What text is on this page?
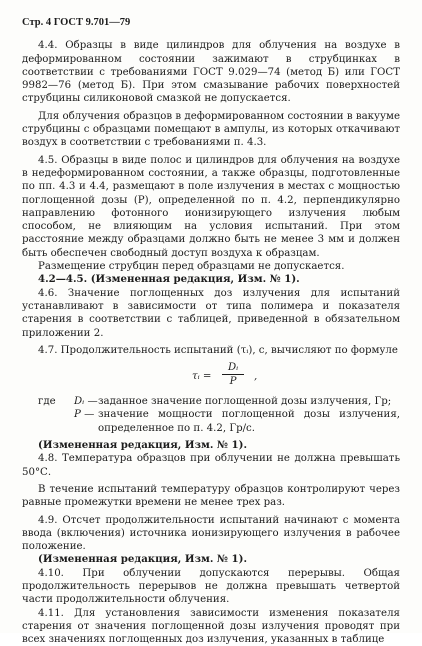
Стр. 4 ГОСТ 9.701—79

4.4. Образцы в виде цилиндров для облучения на воздухе в деформированном состоянии зажимают в струбцинках в соответствии с требованиями ГОСТ 9.029—74 (метод Б) или ГОСТ 9982—76 (метод Б). При этом смазывание рабочих поверхностей струбцины силиконовой смазкой не допускается.

Для облучения образцов в деформированном состоянии в вакууме струбцины с образцами помещают в ампулы, из которых откачивают воздух в соответствии с требованиями п. 4.3.

4.5. Образцы в виде полос и цилиндров для облучения на воздухе в недеформированном состоянии, а также образцы, подготовленные по пп. 4.3 и 4.4, размещают в поле излучения в местах с мощностью поглощенной дозы (P), определенной по п. 4.2, перпендикулярно направлению фотонного ионизирующего излучения любым способом, не влияющим на условия испытаний. При этом расстояние между образцами должно быть не менее 3 мм и должен быть обеспечен свободный доступ воздуха к образцам.

Размещение струбцин перед образцами не допускается.

4.2—4.5. (Измененная редакция, Изм. № 1).

4.6. Значение поглощенных доз излучения для испытаний устанавливают в зависимости от типа полимера и показателя старения в соответствии с таблицей, приведенной в обязательном приложении 2.

4.7. Продолжительность испытаний (τᵢ), с, вычисляют по формуле

τᵢ = $\frac{\text{Dᵢ}}{P}$ ,
где	Dᵢ — заданное значение поглощенной дозы излучения, Гр;
P — значение мощности поглощенной дозы излучения, определенное по п. 4.2, Гр/с.

(Измененная редакция, Изм. № 1).

4.8. Температура образцов при облучении не должна превышать 50°С.

В течение испытаний температуру образцов контролируют через равные промежутки времени не менее трех раз.

4.9. Отсчет продолжительности испытаний начинают с момента ввода (включения) источника ионизирующего излучения в рабочее положение.

(Измененная редакция, Изм. № 1).

4.10. При облучении допускаются перерывы. Общая продолжительность перерывов не должна превышать четвертой части продолжительности облучения.

4.11. Для установления зависимости изменения показателя старения от значения поглощенной дозы излучения проводят при всех значениях поглощенных доз излучения, указанных в таблице
